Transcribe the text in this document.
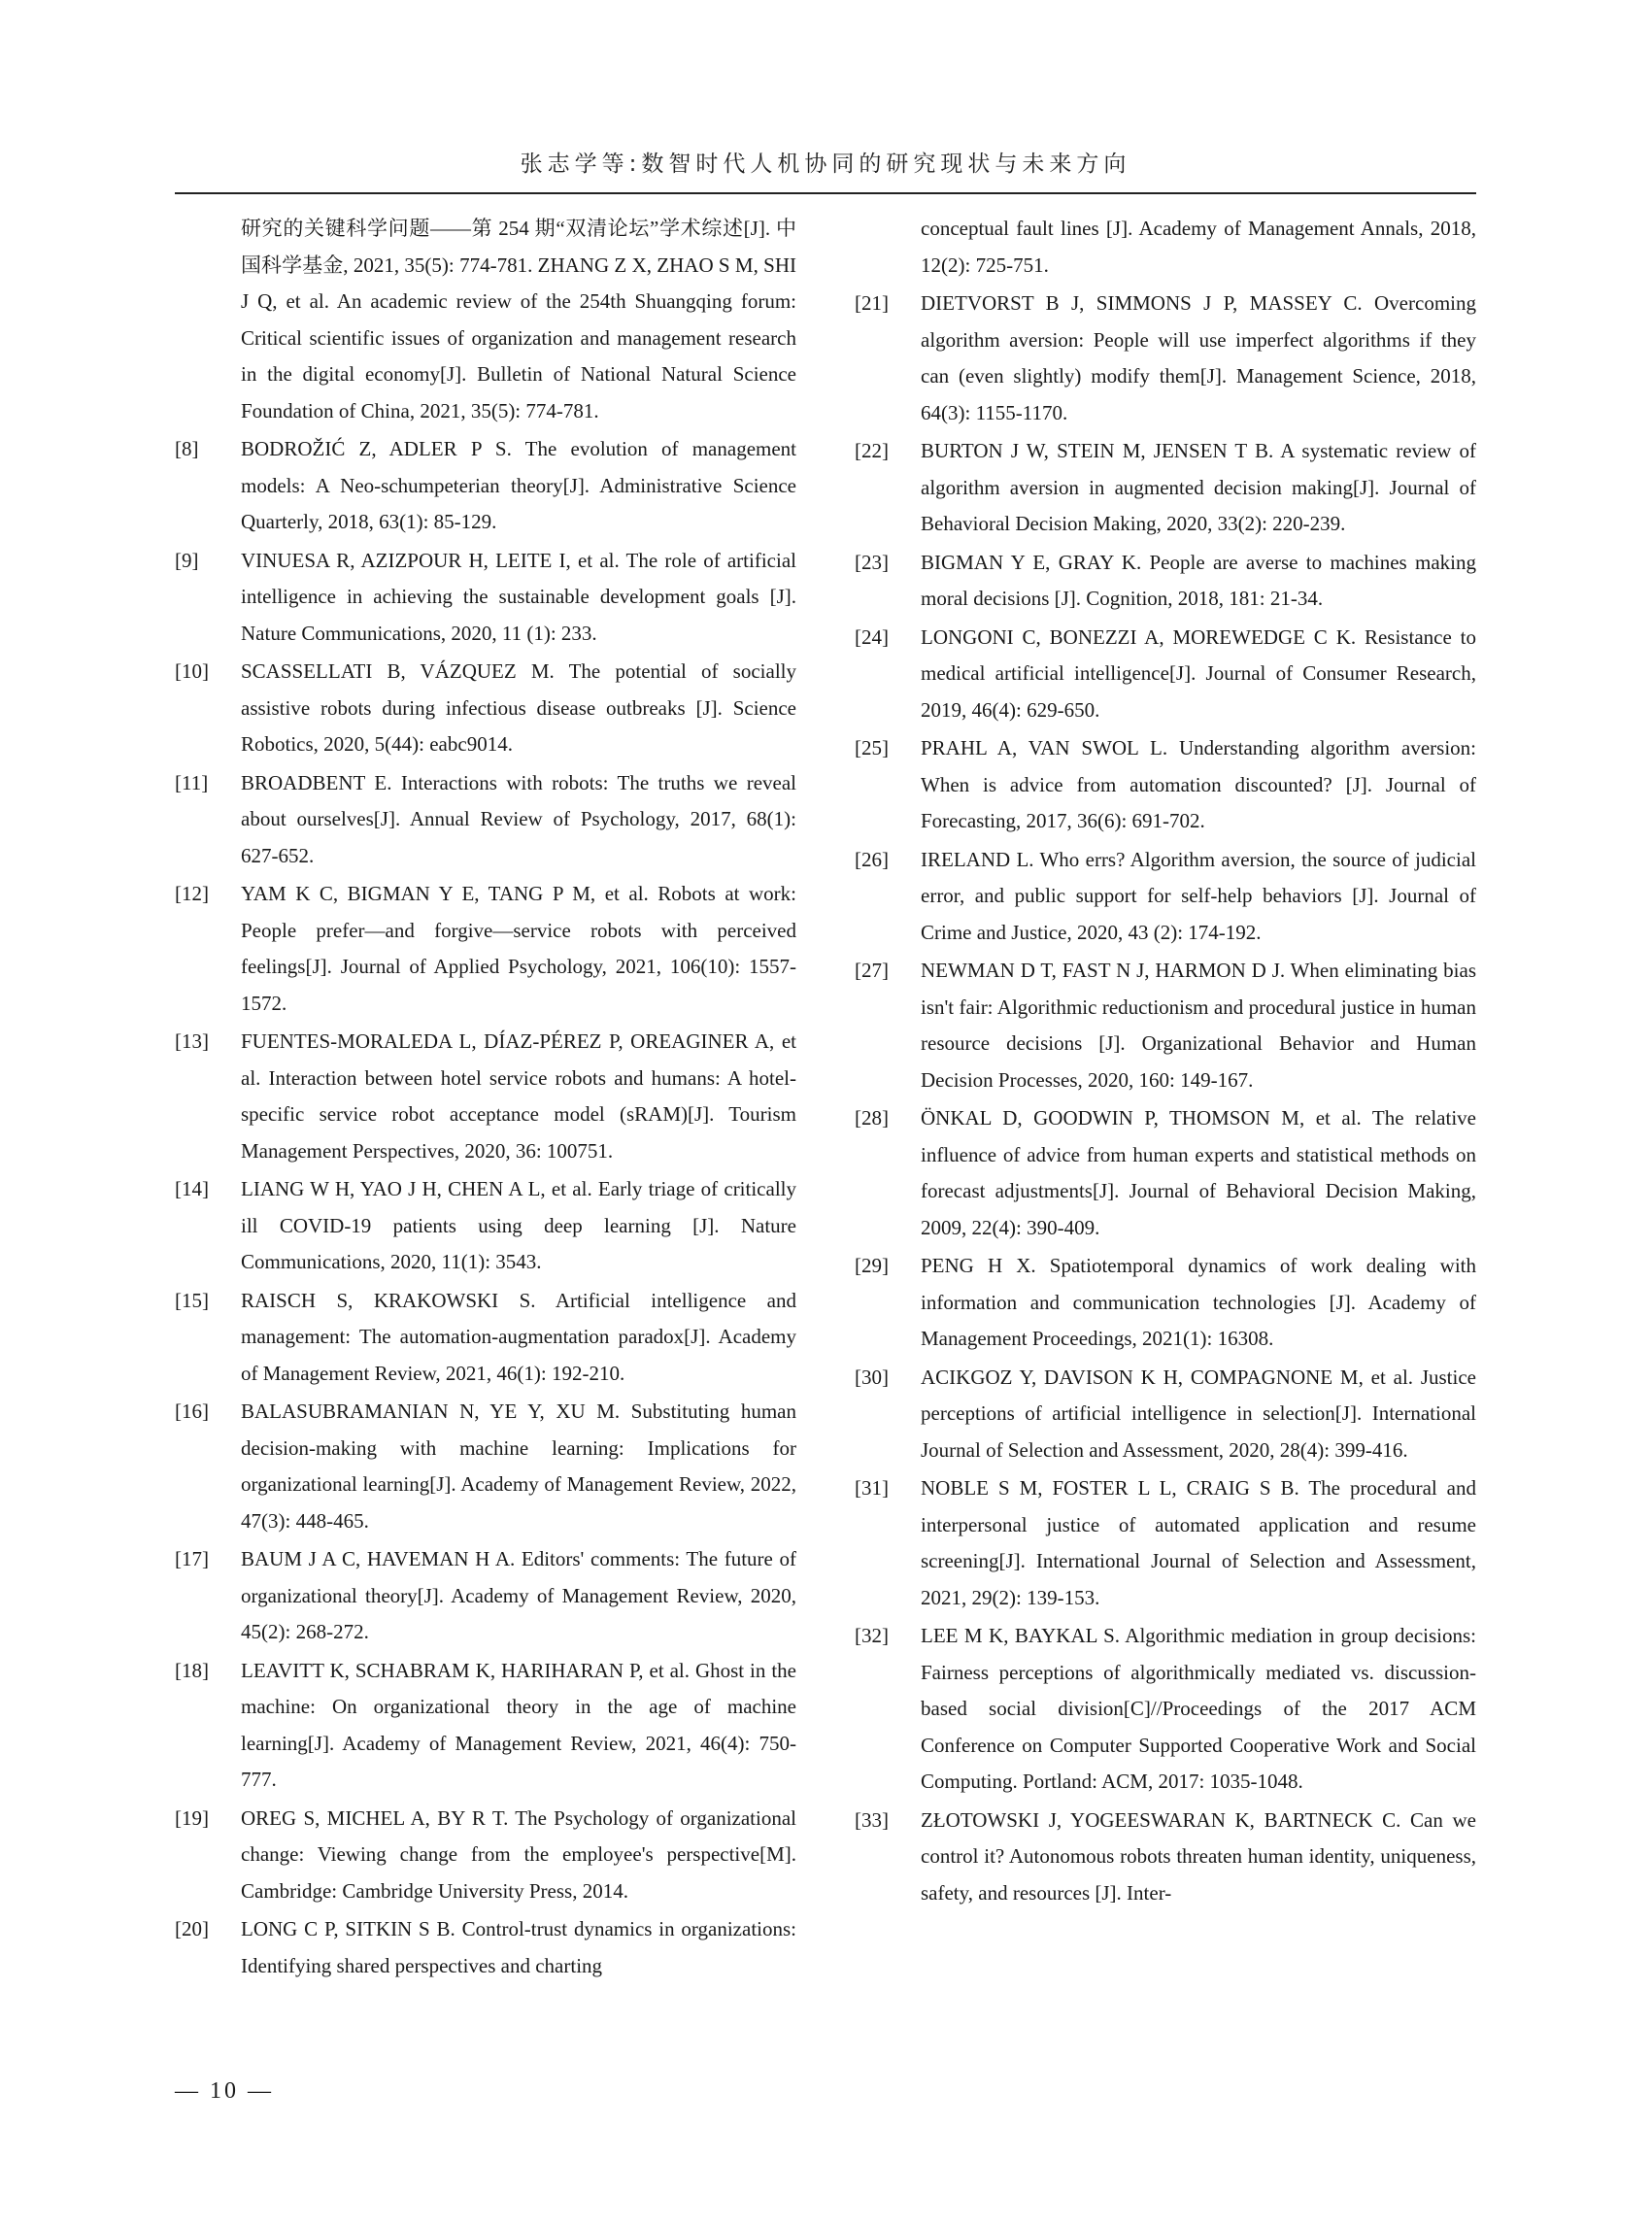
张志学等:数智时代人机协同的研究现状与未来方向
研究的关键科学问题——第 254 期“双清论坛”学术综述[J]. 中国科学基金, 2021, 35(5): 774-781. ZHANG Z X, ZHAO S M, SHI J Q, et al. An academic review of the 254th Shuangqing forum: Critical scientific issues of organization and management research in the digital economy[J]. Bulletin of National Natural Science Foundation of China, 2021, 35(5): 774-781.
[8]	BODROŽIĆ Z, ADLER P S. The evolution of management models: A Neo-schumpeterian theory[J]. Administrative Science Quarterly, 2018, 63(1): 85-129.
[9]	VINUESA R, AZIZPOUR H, LEITE I, et al. The role of artificial intelligence in achieving the sustainable development goals [J]. Nature Communications, 2020, 11 (1): 233.
[10]	SCASSELLATI B, VÁZQUEZ M. The potential of socially assistive robots during infectious disease outbreaks [J]. Science Robotics, 2020, 5(44): eabc9014.
[11]	BROADBENT E. Interactions with robots: The truths we reveal about ourselves[J]. Annual Review of Psychology, 2017, 68(1): 627-652.
[12]	YAM K C, BIGMAN Y E, TANG P M, et al. Robots at work: People prefer—and forgive—service robots with perceived feelings[J]. Journal of Applied Psychology, 2021, 106(10): 1557-1572.
[13]	FUENTES-MORALEDA L, DÍAZ-PÉREZ P, OREAGINER A, et al. Interaction between hotel service robots and humans: A hotel-specific service robot acceptance model (sRAM)[J]. Tourism Management Perspectives, 2020, 36: 100751.
[14]	LIANG W H, YAO J H, CHEN A L, et al. Early triage of critically ill COVID-19 patients using deep learning [J]. Nature Communications, 2020, 11(1): 3543.
[15]	RAISCH S, KRAKOWSKI S. Artificial intelligence and management: The automation-augmentation paradox[J]. Academy of Management Review, 2021, 46(1): 192-210.
[16]	BALASUBRAMANIAN N, YE Y, XU M. Substituting human decision-making with machine learning: Implications for organizational learning[J]. Academy of Management Review, 2022, 47(3): 448-465.
[17]	BAUM J A C, HAVEMAN H A. Editors' comments: The future of organizational theory[J]. Academy of Management Review, 2020, 45(2): 268-272.
[18]	LEAVITT K, SCHABRAM K, HARIHARAN P, et al. Ghost in the machine: On organizational theory in the age of machine learning[J]. Academy of Management Review, 2021, 46(4): 750-777.
[19]	OREG S, MICHEL A, BY R T. The Psychology of organizational change: Viewing change from the employee's perspective[M]. Cambridge: Cambridge University Press, 2014.
[20]	LONG C P, SITKIN S B. Control-trust dynamics in organizations: Identifying shared perspectives and charting
conceptual fault lines [J]. Academy of Management Annals, 2018, 12(2): 725-751.
[21]	DIETVORST B J, SIMMONS J P, MASSEY C. Overcoming algorithm aversion: People will use imperfect algorithms if they can (even slightly) modify them[J]. Management Science, 2018, 64(3): 1155-1170.
[22]	BURTON J W, STEIN M, JENSEN T B. A systematic review of algorithm aversion in augmented decision making[J]. Journal of Behavioral Decision Making, 2020, 33(2): 220-239.
[23]	BIGMAN Y E, GRAY K. People are averse to machines making moral decisions [J]. Cognition, 2018, 181: 21-34.
[24]	LONGONI C, BONEZZI A, MOREWEDGE C K. Resistance to medical artificial intelligence[J]. Journal of Consumer Research, 2019, 46(4): 629-650.
[25]	PRAHL A, VAN SWOL L. Understanding algorithm aversion: When is advice from automation discounted? [J]. Journal of Forecasting, 2017, 36(6): 691-702.
[26]	IRELAND L. Who errs? Algorithm aversion, the source of judicial error, and public support for self-help behaviors [J]. Journal of Crime and Justice, 2020, 43 (2): 174-192.
[27]	NEWMAN D T, FAST N J, HARMON D J. When eliminating bias isn't fair: Algorithmic reductionism and procedural justice in human resource decisions [J]. Organizational Behavior and Human Decision Processes, 2020, 160: 149-167.
[28]	ÖNKAL D, GOODWIN P, THOMSON M, et al. The relative influence of advice from human experts and statistical methods on forecast adjustments[J]. Journal of Behavioral Decision Making, 2009, 22(4): 390-409.
[29]	PENG H X. Spatiotemporal dynamics of work dealing with information and communication technologies [J]. Academy of Management Proceedings, 2021(1): 16308.
[30]	ACIKGOZ Y, DAVISON K H, COMPAGNONE M, et al. Justice perceptions of artificial intelligence in selection[J]. International Journal of Selection and Assessment, 2020, 28(4): 399-416.
[31]	NOBLE S M, FOSTER L L, CRAIG S B. The procedural and interpersonal justice of automated application and resume screening[J]. International Journal of Selection and Assessment, 2021, 29(2): 139-153.
[32]	LEE M K, BAYKAL S. Algorithmic mediation in group decisions: Fairness perceptions of algorithmically mediated vs. discussion-based social division[C]//Proceedings of the 2017 ACM Conference on Computer Supported Cooperative Work and Social Computing. Portland: ACM, 2017: 1035-1048.
[33]	ZŁOTOWSKI J, YOGEESWARAN K, BARTNECK C. Can we control it? Autonomous robots threaten human identity, uniqueness, safety, and resources [J]. Inter-
— 10 —
